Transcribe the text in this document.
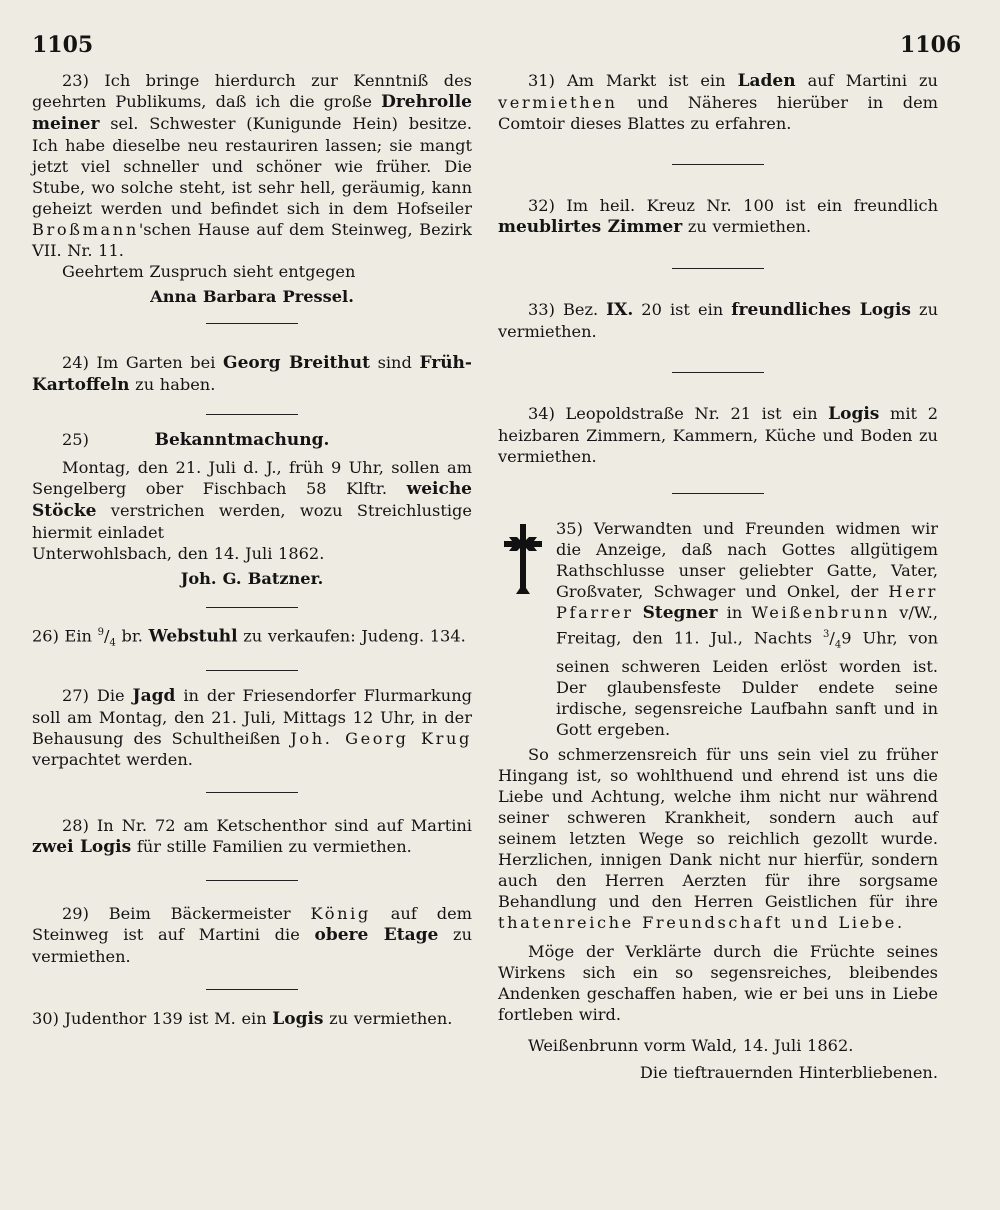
1105	1106

23) Ich bringe hierdurch zur Kenntniß des geehrten Publikums, daß ich die große Drehrolle meiner sel. Schwester (Kunigunde Hein) besitze. Ich habe dieselbe neu restauriren lassen; sie mangt jetzt viel schneller und schöner wie früher. Die Stube, wo solche steht, ist sehr hell, geräumig, kann geheizt werden und befindet sich in dem Hofseiler Broßmann'schen Hause auf dem Steinweg, Bezirk VII. Nr. 11.

Geehrtem Zuspruch sieht entgegen

Anna Barbara Pressel.

24) Im Garten bei Georg Breithut sind Früh-Kartoffeln zu haben.

25)	Bekanntmachung.

Montag, den 21. Juli d. J., früh 9 Uhr, sollen am Sengelberg ober Fischbach 58 Klftr. weiche Stöcke verstrichen werden, wozu Streichlustige hiermit einladet

Unterwohlsbach, den 14. Juli 1862.

Joh. G. Batzner.

26) Ein $^9/_4$ br. Webstuhl zu verkaufen: Judeng. 134.

27) Die Jagd in der Friesendorfer Flurmarkung soll am Montag, den 21. Juli, Mittags 12 Uhr, in der Behausung des Schultheißen Joh. Georg Krug verpachtet werden.

28) In Nr. 72 am Ketschenthor sind auf Martini zwei Logis für stille Familien zu vermiethen.

29) Beim Bäckermeister König auf dem Steinweg ist auf Martini die obere Etage zu vermiethen.

30) Judenthor 139 ist M. ein Logis zu vermiethen.

31) Am Markt ist ein Laden auf Martini zu vermiethen und Näheres hierüber in dem Comtoir dieses Blattes zu erfahren.

32) Im heil. Kreuz Nr. 100 ist ein freundlich meublirtes Zimmer zu vermiethen.

33) Bez. IX. 20 ist ein freundliches Logis zu vermiethen.

34) Leopoldstraße Nr. 21 ist ein Logis mit 2 heizbaren Zimmern, Kammern, Küche und Boden zu vermiethen.

35) Verwandten und Freunden widmen wir die Anzeige, daß nach Gottes allgütigem Rathschlusse unser geliebter Gatte, Vater, Großvater, Schwager und Onkel, der Herr Pfarrer Stegner in Weißenbrunn v/W., Freitag, den 11. Jul., Nachts $^3/_49$ Uhr, von seinen schweren Leiden erlöst worden ist. Der glaubensfeste Dulder endete seine irdische, segensreiche Laufbahn sanft und in Gott ergeben.

So schmerzensreich für uns sein viel zu früher Hingang ist, so wohlthuend und ehrend ist uns die Liebe und Achtung, welche ihm nicht nur während seiner schweren Krankheit, sondern auch auf seinem letzten Wege so reichlich gezollt wurde. Herzlichen, innigen Dank nicht nur hierfür, sondern auch den Herren Aerzten für ihre sorgsame Behandlung und den Herren Geistlichen für ihre thatenreiche Freundschaft und Liebe.

Möge der Verklärte durch die Früchte seines Wirkens sich ein so segensreiches, bleibendes Andenken geschaffen haben, wie er bei uns in Liebe fortleben wird.

Weißenbrunn vorm Wald, 14. Juli 1862.

Die tieftrauernden Hinterbliebenen.
